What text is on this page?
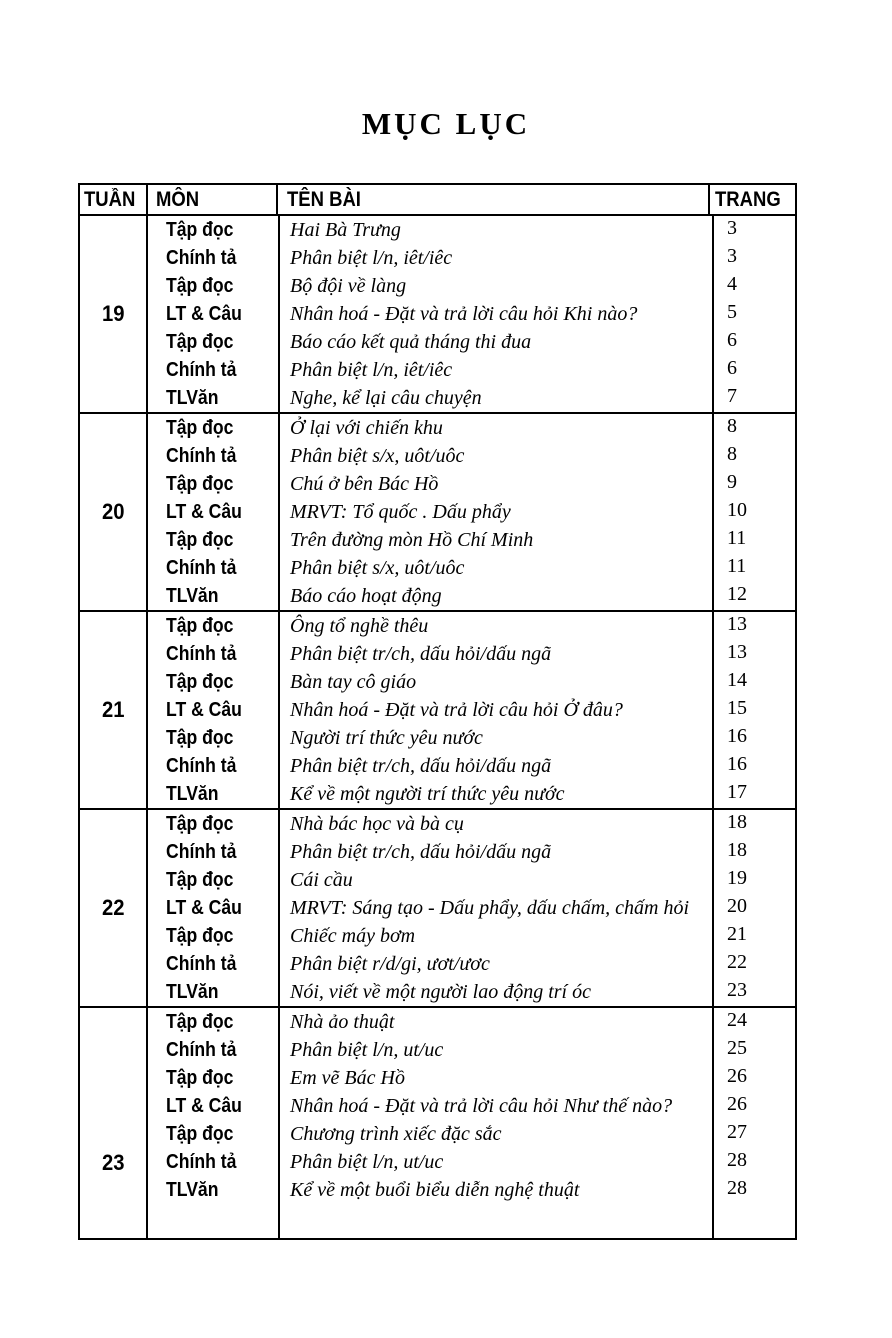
MỤC LỤC
TUẦN MÔN	TÊN BÀI	TRANG
19
Tập đọc
Chính tả
Tập đọc
LT & Câu
Tập đọc
Chính tả
TLVăn
Hai Bà Trưng
Phân biệt l/n, iêt/iêc
Bộ đội về làng
Nhân hoá - Đặt và trả lời câu hỏi Khi nào?
Báo cáo kết quả tháng thi đua
Phân biệt l/n, iêt/iêc
Nghe, kể lại câu chuyện
3
3
4
5
6
6
7
20
Tập đọc
Chính tả
Tập đọc
LT & Câu
Tập đọc
Chính tả
TLVăn
Ở lại với chiến khu
Phân biệt s/x, uôt/uôc
Chú ở bên Bác Hồ
MRVT: Tổ quốc . Dấu phẩy
Trên đường mòn Hồ Chí Minh
Phân biệt s/x, uôt/uôc
Báo cáo hoạt động
8
8
9
10
11
11
12
21
Tập đọc
Chính tả
Tập đọc
LT & Câu
Tập đọc
Chính tả
TLVăn
Ông tổ nghề thêu
Phân biệt tr/ch, dấu hỏi/dấu ngã
Bàn tay cô giáo
Nhân hoá - Đặt và trả lời câu hỏi Ở đâu?
Người trí thức yêu nước
Phân biệt tr/ch, dấu hỏi/dấu ngã
Kể về một người trí thức yêu nước
13
13
14
15
16
16
17
22
Tập đọc
Chính tả
Tập đọc
LT & Câu
Tập đọc
Chính tả
TLVăn
Nhà bác học và bà cụ
Phân biệt tr/ch, dấu hỏi/dấu ngã
Cái cầu
MRVT: Sáng tạo - Dấu phẩy, dấu chấm, chấm hỏi
Chiếc máy bơm
Phân biệt r/d/gi, ươt/ươc
Nói, viết về một người lao động trí óc
18
18
19
20
21
22
23
23
Tập đọc
Chính tả
Tập đọc
LT & Câu
Tập đọc
Chính tả
TLVăn
Nhà ảo thuật
Phân biệt l/n, ut/uc
Em vẽ Bác Hồ
Nhân hoá - Đặt và trả lời câu hỏi Như thế nào?
Chương trình xiếc đặc sắc
Phân biệt l/n, ut/uc
Kể về một buổi biểu diễn nghệ thuật
24
25
26
26
27
28
28
